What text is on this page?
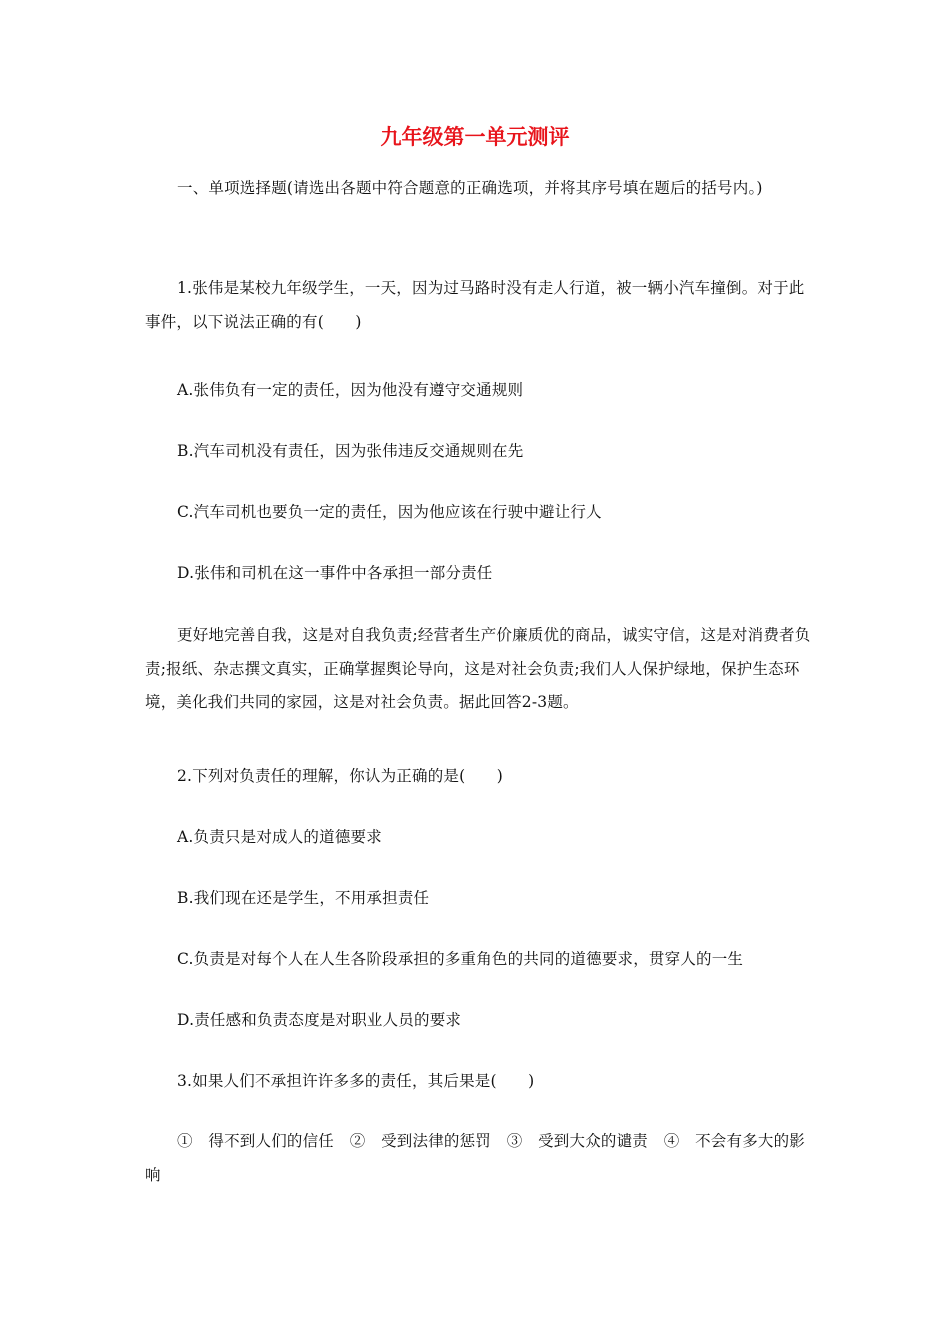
九年级第一单元测评
一、单项选择题(请选出各题中符合题意的正确选项，并将其序号填在题后的括号内。)
1.张伟是某校九年级学生，一天，因为过马路时没有走人行道，被一辆小汽车撞倒。对于此事件，以下说法正确的有(　　)
A.张伟负有一定的责任，因为他没有遵守交通规则
B.汽车司机没有责任，因为张伟违反交通规则在先
C.汽车司机也要负一定的责任，因为他应该在行驶中避让行人
D.张伟和司机在这一事件中各承担一部分责任
更好地完善自我，这是对自我负责;经营者生产价廉质优的商品，诚实守信，这是对消费者负责;报纸、杂志撰文真实，正确掌握舆论导向，这是对社会负责;我们人人保护绿地，保护生态环境，美化我们共同的家园，这是对社会负责。据此回答2-3题。
2.下列对负责任的理解，你认为正确的是(　　)
A.负责只是对成人的道德要求
B.我们现在还是学生，不用承担责任
C.负责是对每个人在人生各阶段承担的多重角色的共同的道德要求，贯穿人的一生
D.责任感和负责态度是对职业人员的要求
3.如果人们不承担许许多多的责任，其后果是(　　)
①　得不到人们的信任　②　受到法律的惩罚　③　受到大众的谴责　④　不会有多大的影响
